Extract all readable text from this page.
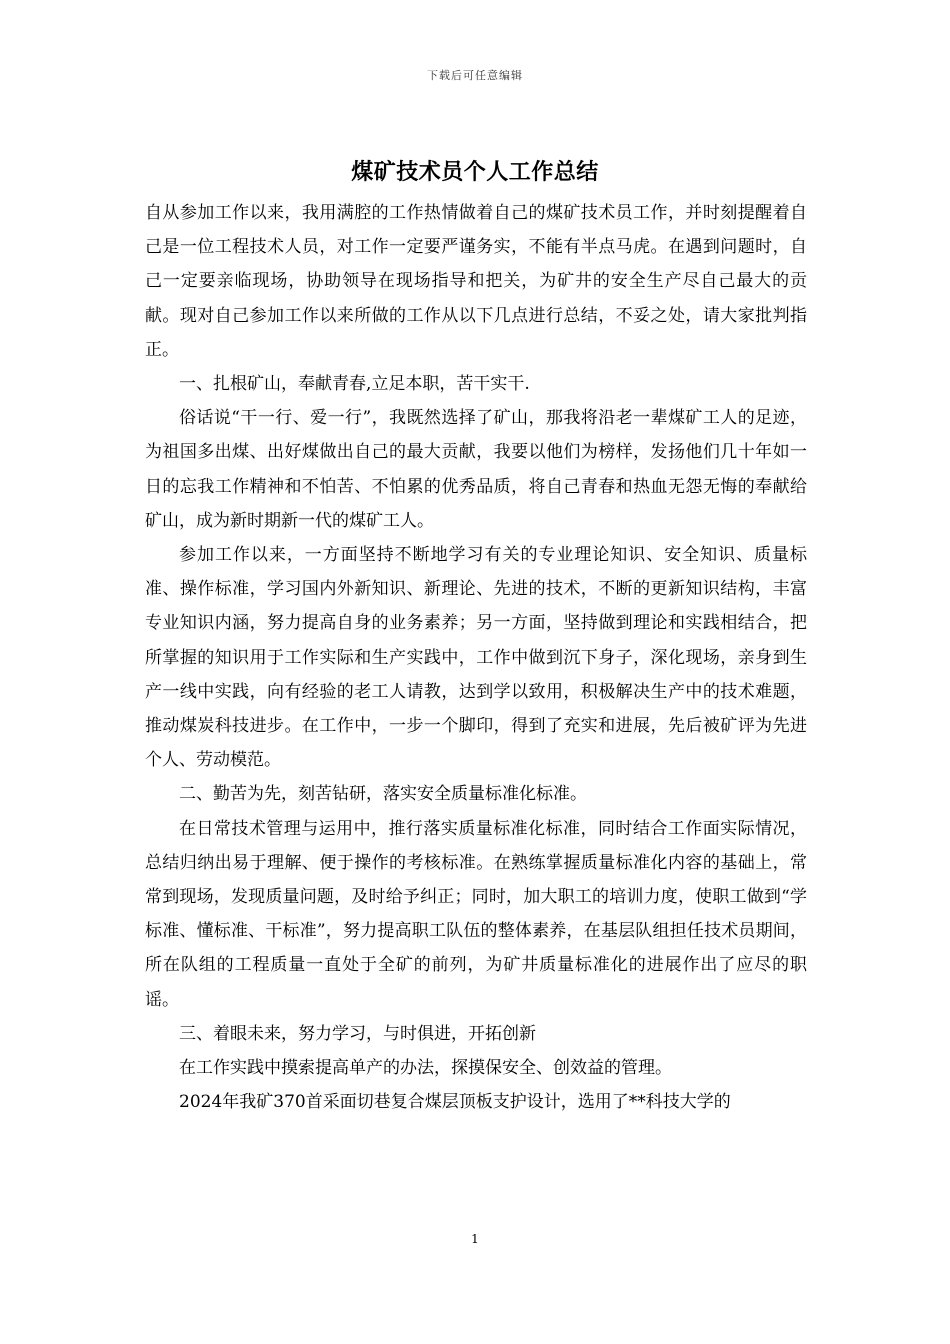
下载后可任意编辑
煤矿技术员个人工作总结

自从参加工作以来，我用满腔的工作热情做着自己的煤矿技术员工作，并时刻提醒着自己是一位工程技术人员，对工作一定要严谨务实，不能有半点马虎。在遇到问题时，自己一定要亲临现场，协助领导在现场指导和把关，为矿井的安全生产尽自己最大的贡献。现对自己参加工作以来所做的工作从以下几点进行总结，不妥之处，请大家批判指正。

一、扎根矿山，奉献青春,立足本职，苦干实干.

俗话说“干一行、爱一行”，我既然选择了矿山，那我将沿老一辈煤矿工人的足迹，为祖国多出煤、出好煤做出自己的最大贡献，我要以他们为榜样，发扬他们几十年如一日的忘我工作精神和不怕苦、不怕累的优秀品质，将自己青春和热血无怨无悔的奉献给矿山，成为新时期新一代的煤矿工人。

参加工作以来，一方面坚持不断地学习有关的专业理论知识、安全知识、质量标准、操作标准，学习国内外新知识、新理论、先进的技术，不断的更新知识结构，丰富专业知识内涵，努力提高自身的业务素养；另一方面，坚持做到理论和实践相结合，把所掌握的知识用于工作实际和生产实践中，工作中做到沉下身子，深化现场，亲身到生产一线中实践，向有经验的老工人请教，达到学以致用，积极解决生产中的技术难题，推动煤炭科技进步。在工作中，一步一个脚印，得到了充实和进展，先后被矿评为先进个人、劳动模范。

二、勤苦为先，刻苦钻研，落实安全质量标准化标准。

在日常技术管理与运用中，推行落实质量标准化标准，同时结合工作面实际情况，总结归纳出易于理解、便于操作的考核标准。在熟练掌握质量标准化内容的基础上，常常到现场，发现质量问题，及时给予纠正；同时，加大职工的培训力度，使职工做到“学标准、懂标准、干标准”，努力提高职工队伍的整体素养，在基层队组担任技术员期间，所在队组的工程质量一直处于全矿的前列，为矿井质量标准化的进展作出了应尽的职谣。

三、着眼未来，努力学习，与时俱进，开拓创新

在工作实践中摸索提高单产的办法，探摸保安全、创效益的管理。

2024年我矿370首采面切巷复合煤层顶板支护设计，选用了**科技大学的

1
